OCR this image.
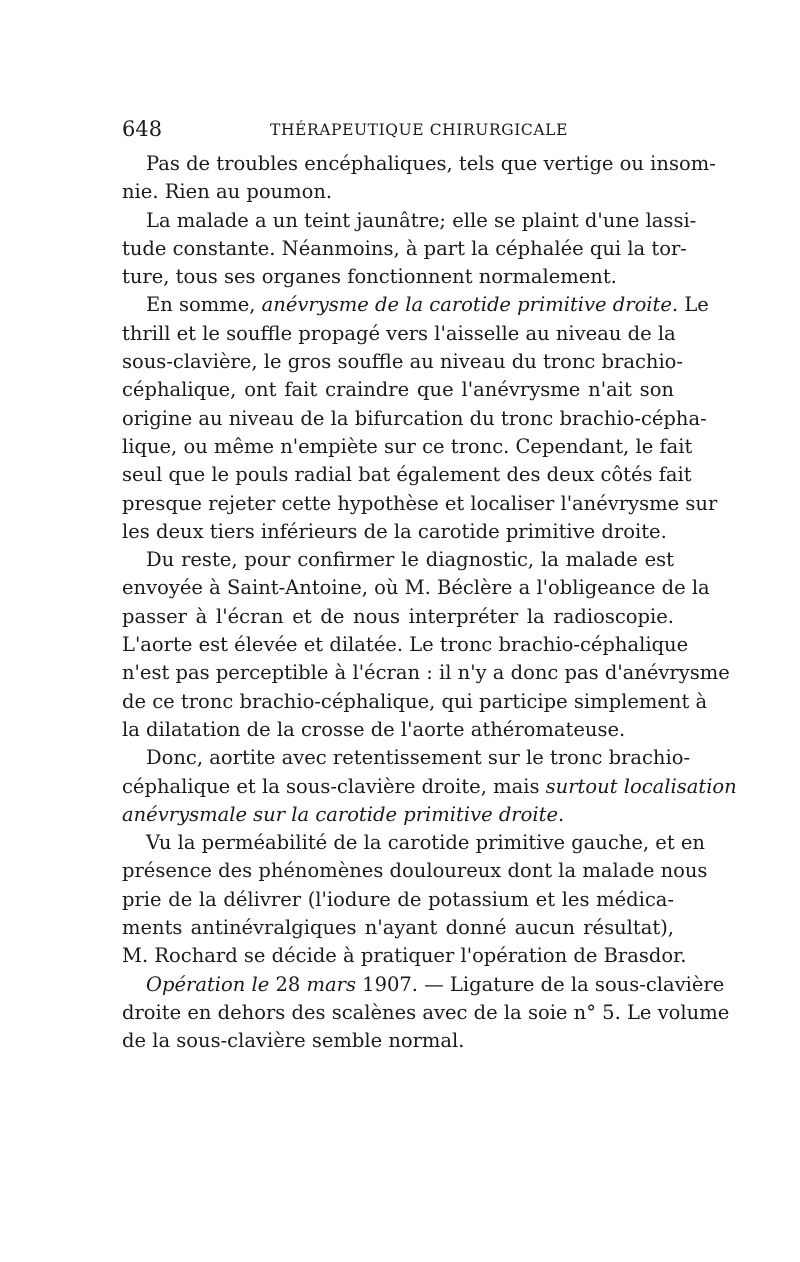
648	THÉRAPEUTIQUE CHIRURGICALE
Pas de troubles encéphaliques, tels que vertige ou insom-
nie. Rien au poumon.
La malade a un teint jaunâtre; elle se plaint d'une lassi-
tude constante. Néanmoins, à part la céphalée qui la tor-
ture, tous ses organes fonctionnent normalement.
En somme, anévrysme de la carotide primitive droite. Le
thrill et le souffle propagé vers l'aisselle au niveau de la
sous-clavière, le gros souffle au niveau du tronc brachio-
céphalique, ont fait craindre que l'anévrysme n'ait son
origine au niveau de la bifurcation du tronc brachio-cépha-
lique, ou même n'empiète sur ce tronc. Cependant, le fait
seul que le pouls radial bat également des deux côtés fait
presque rejeter cette hypothèse et localiser l'anévrysme sur
les deux tiers inférieurs de la carotide primitive droite.
Du reste, pour confirmer le diagnostic, la malade est
envoyée à Saint-Antoine, où M. Béclère a l'obligeance de la
passer à l'écran et de nous interpréter la radioscopie.
L'aorte est élevée et dilatée. Le tronc brachio-céphalique
n'est pas perceptible à l'écran : il n'y a donc pas d'anévrysme
de ce tronc brachio-céphalique, qui participe simplement à
la dilatation de la crosse de l'aorte athéromateuse.
Donc, aortite avec retentissement sur le tronc brachio-
céphalique et la sous-clavière droite, mais surtout localisation
anévrysmale sur la carotide primitive droite.
Vu la perméabilité de la carotide primitive gauche, et en
présence des phénomènes douloureux dont la malade nous
prie de la délivrer (l'iodure de potassium et les médica-
ments antinévralgiques n'ayant donné aucun résultat),
M. Rochard se décide à pratiquer l'opération de Brasdor.
Opération le 28 mars 1907. — Ligature de la sous-clavière
droite en dehors des scalènes avec de la soie n° 5. Le volume
de la sous-clavière semble normal.
